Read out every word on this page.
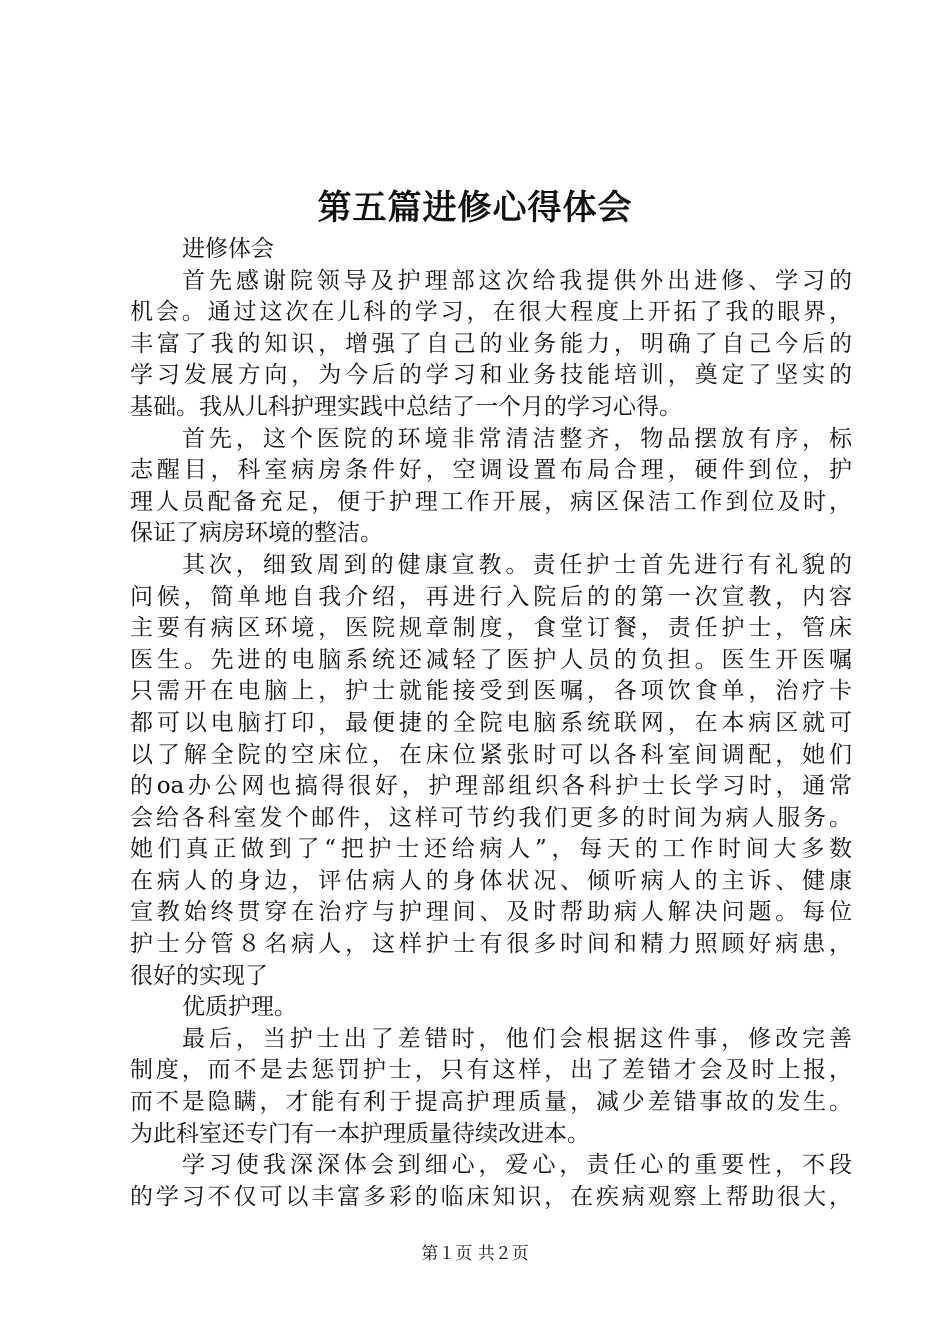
第五篇进修心得体会
进修体会
首先感谢院领导及护理部这次给我提供外出进修、学习的
机会。通过这次在儿科的学习，在很大程度上开拓了我的眼界，
丰富了我的知识，增强了自己的业务能力，明确了自己今后的
学习发展方向，为今后的学习和业务技能培训，奠定了坚实的
基础。我从儿科护理实践中总结了一个月的学习心得。
首先，这个医院的环境非常清洁整齐，物品摆放有序，标
志醒目，科室病房条件好，空调设置布局合理，硬件到位，护
理人员配备充足，便于护理工作开展，病区保洁工作到位及时，
保证了病房环境的整洁。
其次，细致周到的健康宣教。责任护士首先进行有礼貌的
问候，简单地自我介绍，再进行入院后的的第一次宣教，内容
主要有病区环境，医院规章制度，食堂订餐，责任护士，管床
医生。先进的电脑系统还减轻了医护人员的负担。医生开医嘱
只需开在电脑上，护士就能接受到医嘱，各项饮食单，治疗卡
都可以电脑打印，最便捷的全院电脑系统联网，在本病区就可
以了解全院的空床位，在床位紧张时可以各科室间调配，她们
的oa办公网也搞得很好，护理部组织各科护士长学习时，通常
会给各科室发个邮件，这样可节约我们更多的时间为病人服务。
她们真正做到了“把护士还给病人”，每天的工作时间大多数
在病人的身边，评估病人的身体状况、倾听病人的主诉、健康
宣教始终贯穿在治疗与护理间、及时帮助病人解决问题。每位
护士分管８名病人，这样护士有很多时间和精力照顾好病患，
很好的实现了
优质护理。
最后，当护士出了差错时，他们会根据这件事，修改完善
制度，而不是去惩罚护士，只有这样，出了差错才会及时上报，
而不是隐瞒，才能有利于提高护理质量，减少差错事故的发生。
为此科室还专门有一本护理质量待续改进本。
学习使我深深体会到细心，爱心，责任心的重要性，不段
的学习不仅可以丰富多彩的临床知识，在疾病观察上帮助很大，
第１页 共２页
